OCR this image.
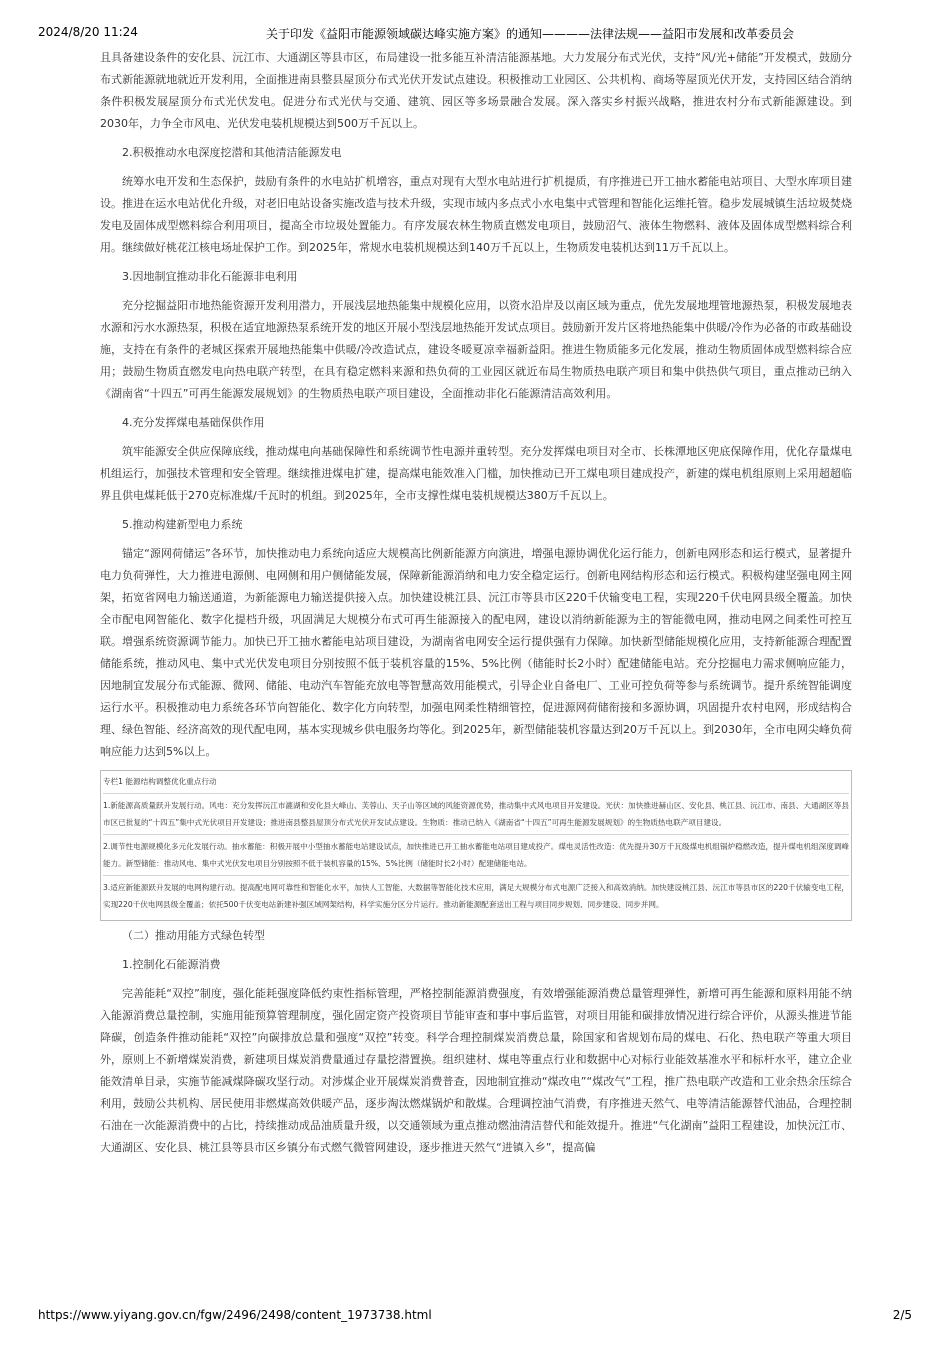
2024/8/20 11:24	关于印发《益阳市能源领域碳达峰实施方案》的通知————法律法规——益阳市发展和改革委员会

且具备建设条件的安化县、沅江市、大通湖区等县市区，布局建设一批多能互补清洁能源基地。大力发展分布式光伏，支持“风/光+储能”开发模式，鼓励分布式新能源就地就近开发利用，全面推进南县整县屋顶分布式光伏开发试点建设。积极推动工业园区、公共机构、商场等屋顶光伏开发，支持园区结合消纳条件积极发展屋顶分布式光伏发电。促进分布式光伏与交通、建筑、园区等多场景融合发展。深入落实乡村振兴战略，推进农村分布式新能源建设。到2030年，力争全市风电、光伏发电装机规模达到500万千瓦以上。

2.积极推动水电深度挖潜和其他清洁能源发电

统筹水电开发和生态保护，鼓励有条件的水电站扩机增容，重点对现有大型水电站进行扩机提质，有序推进已开工抽水蓄能电站项目、大型水库项目建设。推进在运水电站优化升级，对老旧电站设备实施改造与技术升级，实现市域内多点式小水电集中式管理和智能化运维托管。稳步发展城镇生活垃圾焚烧发电及固体成型燃料综合利用项目，提高全市垃圾处置能力。有序发展农林生物质直燃发电项目，鼓励沼气、液体生物燃料、液体及固体成型燃料综合利用。继续做好桃花江核电场址保护工作。到2025年，常规水电装机规模达到140万千瓦以上，生物质发电装机达到11万千瓦以上。

3.因地制宜推动非化石能源非电利用

充分挖掘益阳市地热能资源开发利用潜力，开展浅层地热能集中规模化应用，以资水沿岸及以南区域为重点，优先发展地埋管地源热泵，积极发展地表水源和污水水源热泵，积极在适宜地源热泵系统开发的地区开展小型浅层地热能开发试点项目。鼓励新开发片区将地热能集中供暖/冷作为必备的市政基础设施，支持在有条件的老城区探索开展地热能集中供暖/冷改造试点，建设冬暖夏凉幸福新益阳。推进生物质能多元化发展，推动生物质固体成型燃料综合应用；鼓励生物质直燃发电向热电联产转型，在具有稳定燃料来源和热负荷的工业园区就近布局生物质热电联产项目和集中供热供气项目，重点推动已纳入《湖南省“十四五”可再生能源发展规划》的生物质热电联产项目建设，全面推动非化石能源清洁高效利用。

4.充分发挥煤电基础保供作用

筑牢能源安全供应保障底线，推动煤电向基础保障性和系统调节性电源并重转型。充分发挥煤电项目对全市、长株潭地区兜底保障作用，优化存量煤电机组运行，加强技术管理和安全管理。继续推进煤电扩建，提高煤电能效准入门槛，加快推动已开工煤电项目建成投产，新建的煤电机组原则上采用超超临界且供电煤耗低于270克标准煤/千瓦时的机组。到2025年，全市支撑性煤电装机规模达380万千瓦以上。

5.推动构建新型电力系统

锚定“源网荷储运”各环节，加快推动电力系统向适应大规模高比例新能源方向演进，增强电源协调优化运行能力，创新电网形态和运行模式，显著提升电力负荷弹性，大力推进电源侧、电网侧和用户侧储能发展，保障新能源消纳和电力安全稳定运行。创新电网结构形态和运行模式。积极构建坚强电网主网架，拓宽省网电力输送通道，为新能源电力输送提供接入点。加快建设桃江县、沅江市等县市区220千伏输变电工程，实现220千伏电网县级全覆盖。加快全市配电网智能化、数字化提档升级，巩固满足大规模分布式可再生能源接入的配电网，建设以消纳新能源为主的智能微电网，推动电网之间柔性可控互联。增强系统资源调节能力。加快已开工抽水蓄能电站项目建设，为湖南省电网安全运行提供强有力保障。加快新型储能规模化应用，支持新能源合理配置储能系统，推动风电、集中式光伏发电项目分别按照不低于装机容量的15%、5%比例（储能时长2小时）配建储能电站。充分挖掘电力需求侧响应能力，因地制宜发展分布式能源、微网、储能、电动汽车智能充放电等智慧高效用能模式，引导企业自备电厂、工业可控负荷等参与系统调节。提升系统智能调度运行水平。积极推动电力系统各环节向智能化、数字化方向转型，加强电网柔性精细管控，促进源网荷储衔接和多源协调，巩固提升农村电网，形成结构合理、绿色智能、经济高效的现代配电网，基本实现城乡供电服务均等化。到2025年，新型储能装机容量达到20万千瓦以上。到2030年，全市电网尖峰负荷响应能力达到5%以上。

专栏1 能源结构调整优化重点行动
1.新能源高质量跃升发展行动。风电：充分发挥沅江市漉湖和安化县大峰山、芙蓉山、天子山等区域的风能资源优势，推动集中式风电项目开发建设。光伏：加快推进赫山区、安化县、桃江县、沅江市、南县、大通湖区等县市区已批复的“十四五”集中式光伏项目开发建设；推进南县整县屋顶分布式光伏开发试点建设。生物质：推动已纳入《湖南省“十四五”可再生能源发展规划》的生物质热电联产项目建设。
2.调节性电源规模化多元化发展行动。抽水蓄能：积极开展中小型抽水蓄能电站建设试点，加快推进已开工抽水蓄能电站项目建成投产。煤电灵活性改造：优先提升30万千瓦级煤电机组锅炉稳燃改造，提升煤电机组深度调峰能力。新型储能：推动风电、集中式光伏发电项目分别按照不低于装机容量的15%、5%比例（储能时长2小时）配建储能电站。
3.适应新能源跃升发展的电网构建行动。提高配电网可靠性和智能化水平，加快人工智能、大数据等智能化技术应用，满足大规模分布式电源广泛接入和高效消纳。加快建设桃江县、沅江市等县市区的220千伏输变电工程，实现220千伏电网县级全覆盖；依托500千伏变电站新建补强区域网架结构，科学实施分区分片运行。推动新能源配套送出工程与项目同步规划、同步建设、同步并网。

（二）推动用能方式绿色转型

1.控制化石能源消费

完善能耗“双控”制度，强化能耗强度降低约束性指标管理，严格控制能源消费强度，有效增强能源消费总量管理弹性，新增可再生能源和原料用能不纳入能源消费总量控制，实施用能预算管理制度，强化固定资产投资项目节能审查和事中事后监管，对项目用能和碳排放情况进行综合评价，从源头推进节能降碳，创造条件推动能耗“双控”向碳排放总量和强度“双控”转变。科学合理控制煤炭消费总量，除国家和省规划布局的煤电、石化、热电联产等重大项目外，原则上不新增煤炭消费，新建项目煤炭消费量通过存量挖潜置换。组织建材、煤电等重点行业和数据中心对标行业能效基准水平和标杆水平，建立企业能效清单目录，实施节能减煤降碳攻坚行动。对涉煤企业开展煤炭消费普查，因地制宜推动“煤改电”“煤改气”工程，推广热电联产改造和工业余热余压综合利用，鼓励公共机构、居民使用非燃煤高效供暖产品，逐步淘汰燃煤锅炉和散煤。合理调控油气消费，有序推进天然气、电等清洁能源替代油品，合理控制石油在一次能源消费中的占比，持续推动成品油质量升级，以交通领域为重点推动燃油清洁替代和能效提升。推进“气化湖南”益阳工程建设，加快沅江市、大通湖区、安化县、桃江县等县市区乡镇分布式燃气微管网建设，逐步推进天然气“进镇入乡”，提高偏

https://www.yiyang.gov.cn/fgw/2496/2498/content_1973738.html	2/5
